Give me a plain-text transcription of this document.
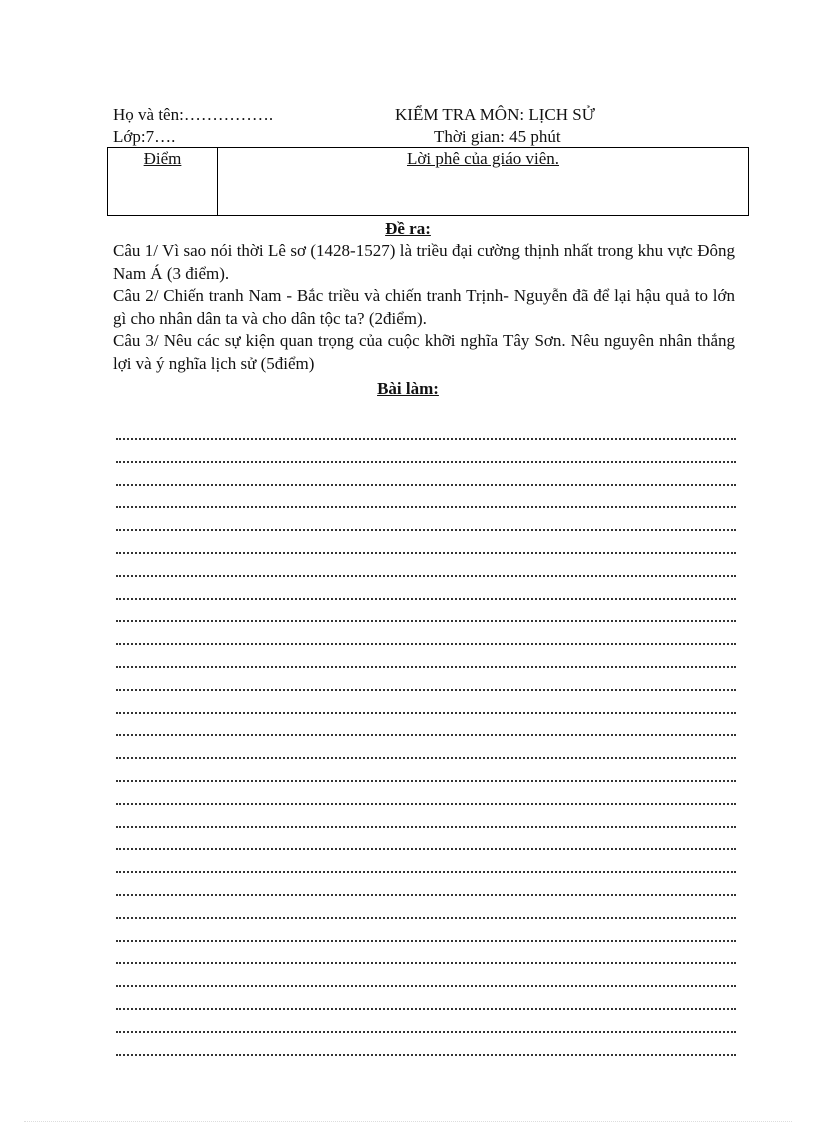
Họ và tên:…………….	KIỂM TRA MÔN: LỊCH SỬ
Lớp:7….	Thời gian: 45 phút
Điểm	Lời phê của giáo viên.
Đề ra:
Câu 1/ Vì sao nói thời Lê sơ (1428-1527) là triều đại cường thịnh nhất trong khu vực Đông Nam Á (3 điểm).
Câu 2/ Chiến tranh Nam - Bắc triều và chiến tranh Trịnh- Nguyễn đã để lại hậu quả to lớn gì cho nhân dân ta và cho dân tộc ta? (2điểm).
Câu 3/ Nêu các sự kiện quan trọng của cuộc khỡi nghĩa Tây Sơn. Nêu nguyên nhân thắng lợi và ý nghĩa lịch sử (5điểm)
Bài làm:
